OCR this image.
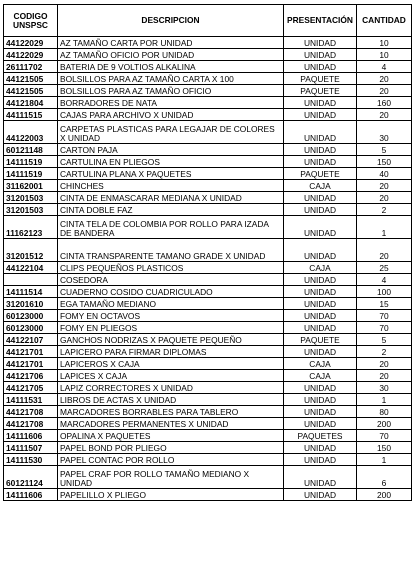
CODIGO UNSPSC	DESCRIPCION	PRESENTACIÓN	CANTIDAD
44122029	AZ TAMAÑO CARTA POR UNIDAD	UNIDAD	10
44122029	AZ TAMAÑO OFICIO POR UNIDAD	UNIDAD	10
26111702	BATERIA DE 9 VOLTIOS ALKALINA	UNIDAD	4
44121505	BOLSILLOS PARA AZ TAMAÑO CARTA X 100	PAQUETE	20
44121505	BOLSILLOS PARA AZ TAMAÑO OFICIO	PAQUETE	20
44121804	BORRADORES DE NATA	UNIDAD	160
44111515	CAJAS PARA ARCHIVO X UNIDAD	UNIDAD	20
44122003	CARPETAS PLASTICAS PARA LEGAJAR DE COLORES X UNIDAD	UNIDAD	30
60121148	CARTON PAJA	UNIDAD	5
14111519	CARTULINA EN PLIEGOS	UNIDAD	150
14111519	CARTULINA PLANA X PAQUETES	PAQUETE	40
31162001	CHINCHES	CAJA	20
31201503	CINTA DE ENMASCARAR MEDIANA X UNIDAD	UNIDAD	20
31201503	CINTA DOBLE FAZ	UNIDAD	2
11162123	CINTA TELA DE COLOMBIA POR ROLLO PARA IZADA DE BANDERA	UNIDAD	1
31201512	CINTA TRANSPARENTE TAMANO GRADE X UNIDAD	UNIDAD	20
44122104	CLIPS PEQUEÑOS PLASTICOS	CAJA	25
	COSEDORA	UNIDAD	4
14111514	CUADERNO COSIDO CUADRICULADO	UNIDAD	100
31201610	EGA TAMAÑO MEDIANO	UNIDAD	15
60123000	FOMY EN OCTAVOS	UNIDAD	70
60123000	FOMY EN PLIEGOS	UNIDAD	70
44122107	GANCHOS NODRIZAS X PAQUETE PEQUEÑO	PAQUETE	5
44121701	LAPICERO PARA FIRMAR DIPLOMAS	UNIDAD	2
44121701	LAPICEROS X CAJA	CAJA	20
44121706	LAPICES X CAJA	CAJA	20
44121705	LAPIZ CORRECTORES X UNIDAD	UNIDAD	30
14111531	LIBROS DE ACTAS X UNIDAD	UNIDAD	1
44121708	MARCADORES BORRABLES PARA TABLERO	UNIDAD	80
44121708	MARCADORES PERMANENTES X UNIDAD	UNIDAD	200
14111606	OPALINA X PAQUETES	PAQUETES	70
14111507	PAPEL BOND POR PLIEGO	UNIDAD	150
14111530	PAPEL CONTAC POR ROLLO	UNIDAD	1
60121124	PAPEL CRAF POR ROLLO TAMAÑO MEDIANO X UNIDAD	UNIDAD	6
14111606	PAPELILLO X PLIEGO	UNIDAD	200
